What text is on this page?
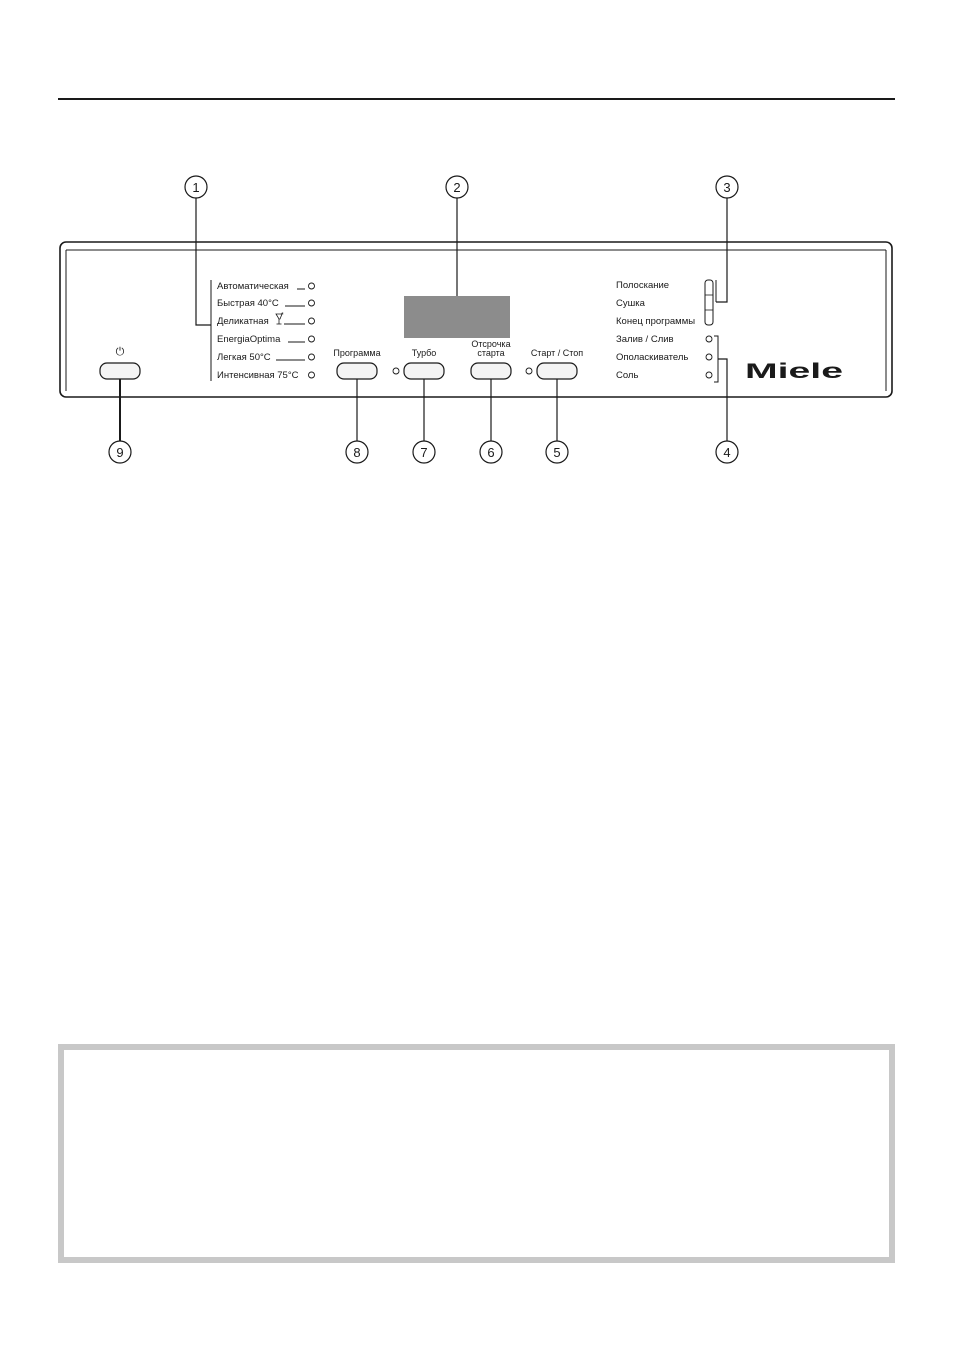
Автоматическая
Быстрая 40°C
Деликатная
EnergiaOptima
Легкая 50°C
Интенсивная 75°C
*
⏻	Программа	Турбо
Отсрочка
старта	Старт / Стоп
Полоскание
Сушка
Конец программы
Залив / Слив
Ополаскиватель
Соль	Miele
1	2	3
4
5
6
7
8
9
